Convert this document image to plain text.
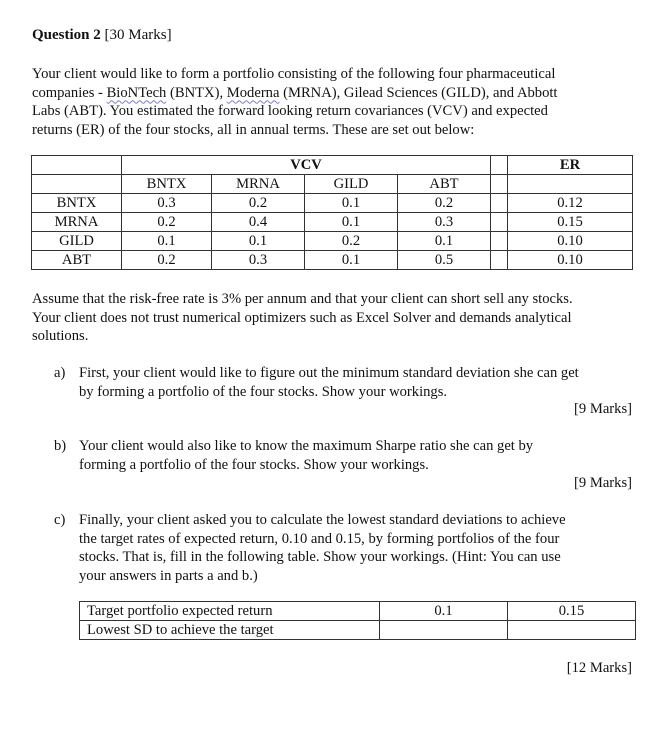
Question 2 [30 Marks]
Your client would like to form a portfolio consisting of the following four pharmaceutical
companies - BioNTech (BNTX), Moderna (MRNA), Gilead Sciences (GILD), and Abbott
Labs (ABT). You estimated the forward looking return covariances (VCV) and expected
returns (ER) of the four stocks, all in annual terms. These are set out below:
	VCV					ER
	BNTX	MRNA	GILD	ABT		
BNTX	0.3	0.2	0.1	0.2		0.12
MRNA	0.2	0.4	0.1	0.3		0.15
GILD	0.1	0.1	0.2	0.1		0.10
ABT	0.2	0.3	0.1	0.5		0.10
Assume that the risk-free rate is 3% per annum and that your client can short sell any stocks.
Your client does not trust numerical optimizers such as Excel Solver and demands analytical
solutions.
a) First, your client would like to figure out the minimum standard deviation she can get
by forming a portfolio of the four stocks. Show your workings.
[9 Marks]
b) Your client would also like to know the maximum Sharpe ratio she can get by
forming a portfolio of the four stocks. Show your workings.
[9 Marks]
c) Finally, your client asked you to calculate the lowest standard deviations to achieve
the target rates of expected return, 0.10 and 0.15, by forming portfolios of the four
stocks. That is, fill in the following table. Show your workings. (Hint: You can use
your answers in parts a and b.)
Target portfolio expected return	0.1	0.15
Lowest SD to achieve the target		
[12 Marks]
